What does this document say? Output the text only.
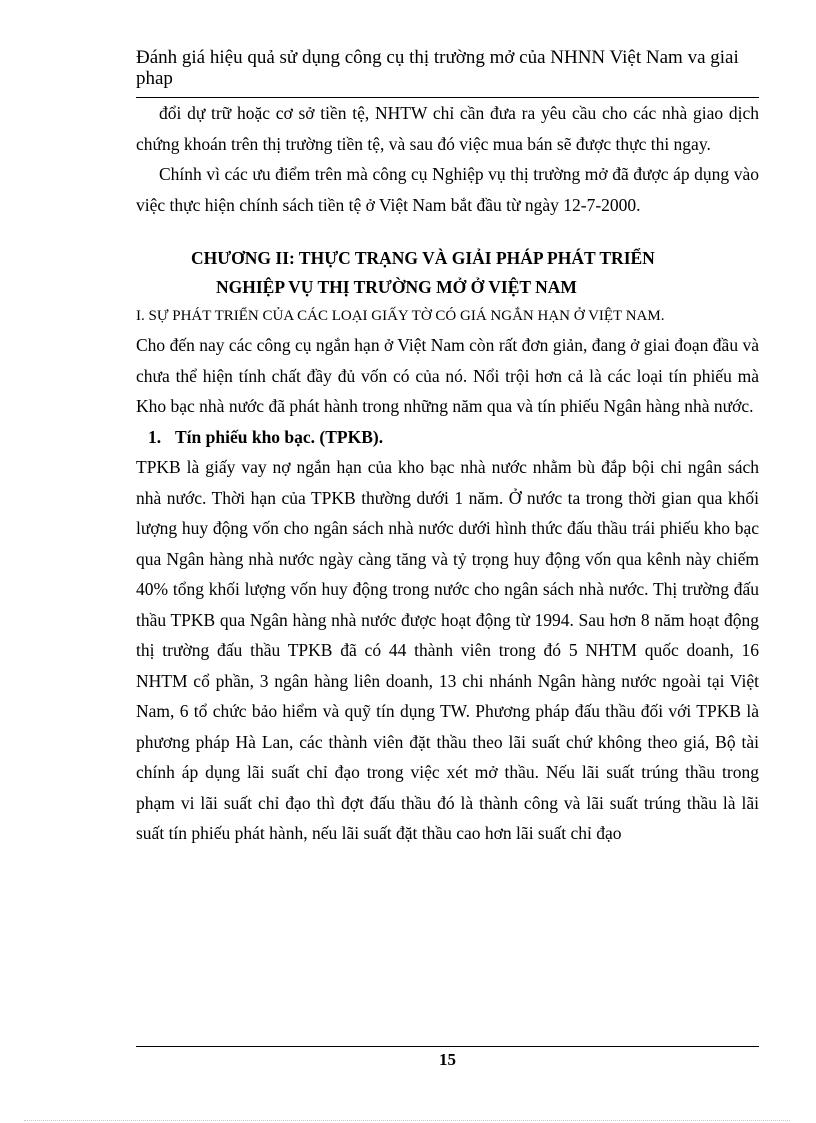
Đánh giá hiệu quả sử dụng công cụ thị trường mở của NHNN Việt Nam va giai phap

đổi dự trữ hoặc cơ sở tiền tệ, NHTW chỉ cần đưa ra yêu cầu cho các nhà giao dịch chứng khoán trên thị trường tiền tệ, và sau đó việc mua bán sẽ được thực thi ngay.

Chính vì các ưu điểm trên mà công cụ Nghiệp vụ thị trường mở đã được áp dụng vào việc thực hiện chính sách tiền tệ ở Việt Nam bắt đầu từ ngày 12-7-2000.

CHƯƠNG II: THỰC TRẠNG VÀ GIẢI PHÁP PHÁT TRIỂN

NGHIỆP VỤ THỊ TRƯỜNG MỞ Ở VIỆT NAM

I. SỰ PHÁT TRIỂN CỦA CÁC LOẠI GIẤY TỜ CÓ GIÁ NGẮN HẠN Ở VIỆT NAM.

Cho đến nay các công cụ ngắn hạn ở Việt Nam còn rất đơn giản, đang ở giai đoạn đầu và chưa thể hiện tính chất đầy đủ vốn có của nó. Nổi trội hơn cả là các loại tín phiếu mà Kho bạc nhà nước đã phát hành trong những năm qua và tín phiếu Ngân hàng nhà nước.

1. Tín phiếu kho bạc. (TPKB).

TPKB là giấy vay nợ ngắn hạn của kho bạc nhà nước nhằm bù đắp bội chi ngân sách nhà nước. Thời hạn của TPKB thường dưới 1 năm. Ở nước ta trong thời gian qua khối lượng huy động vốn cho ngân sách nhà nước dưới hình thức đấu thầu trái phiếu kho bạc qua Ngân hàng nhà nước ngày càng tăng và tỷ trọng huy động vốn qua kênh này chiếm 40% tổng khối lượng vốn huy động trong nước cho ngân sách nhà nước. Thị trường đấu thầu TPKB qua Ngân hàng nhà nước được hoạt động từ 1994. Sau hơn 8 năm hoạt động thị trường đấu thầu TPKB đã có 44 thành viên trong đó 5 NHTM quốc doanh, 16 NHTM cổ phần, 3 ngân hàng liên doanh, 13 chi nhánh Ngân hàng nước ngoài tại Việt Nam, 6 tổ chức bảo hiểm và quỹ tín dụng TW. Phương pháp đấu thầu đối với TPKB là phương pháp Hà Lan, các thành viên đặt thầu theo lãi suất chứ không theo giá, Bộ tài chính áp dụng lãi suất chỉ đạo trong việc xét mở thầu. Nếu lãi suất trúng thầu trong phạm vi lãi suất chỉ đạo thì đợt đấu thầu đó là thành công và lãi suất trúng thầu là lãi suất tín phiếu phát hành, nếu lãi suất đặt thầu cao hơn lãi suất chỉ đạo

15
